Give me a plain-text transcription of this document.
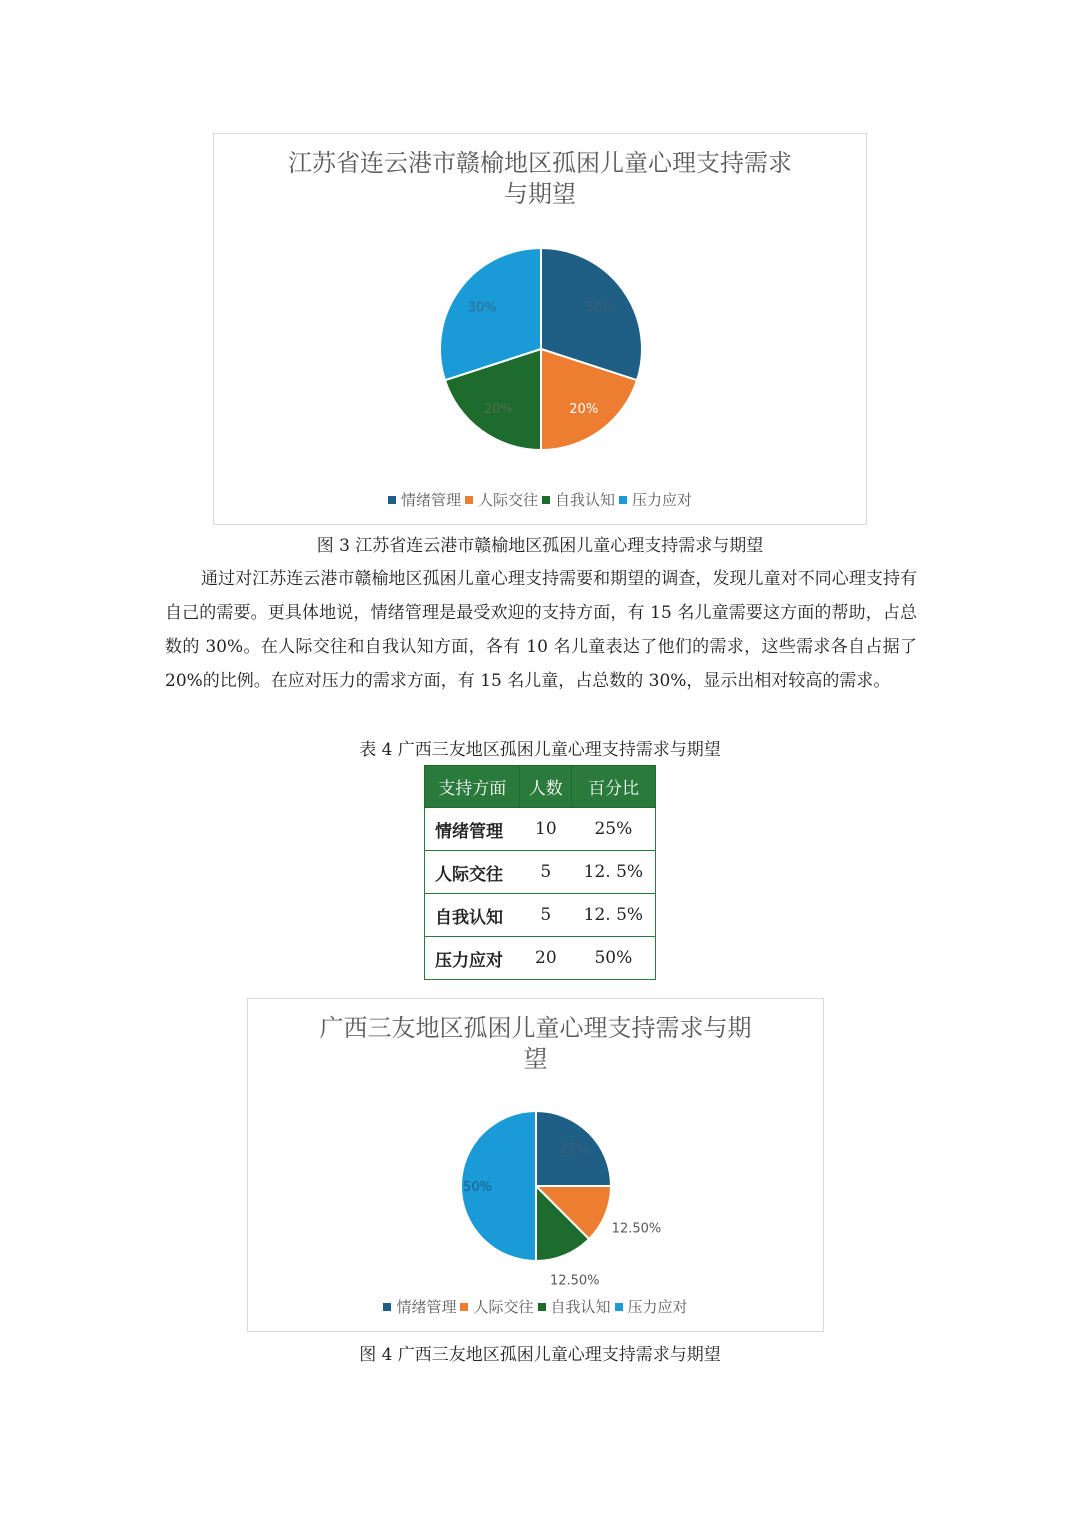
江苏省连云港市赣榆地区孤困儿童心理支持需求与期望
30%
20%
20%
30%
情绪管理 人际交往 自我认知 压力应对
图 3 江苏省连云港市赣榆地区孤困儿童心理支持需求与期望
通过对江苏连云港市赣榆地区孤困儿童心理支持需要和期望的调查，发现儿童对不同心理支持有自己的需要。更具体地说，情绪管理是最受欢迎的支持方面，有 15 名儿童需要这方面的帮助，占总数的 30%。在人际交往和自我认知方面，各有 10 名儿童表达了他们的需求，这些需求各自占据了 20%的比例。在应对压力的需求方面，有 15 名儿童，占总数的 30%，显示出相对较高的需求。
表 4 广西三友地区孤困儿童心理支持需求与期望
支持方面	人数	百分比
情绪管理	10	25%
人际交往	5	12. 5%
自我认知	5	12. 5%
压力应对	20	50%
广西三友地区孤困儿童心理支持需求与期望
25%
12.50%
12.50%
50%
情绪管理 人际交往 自我认知 压力应对
图 4 广西三友地区孤困儿童心理支持需求与期望
